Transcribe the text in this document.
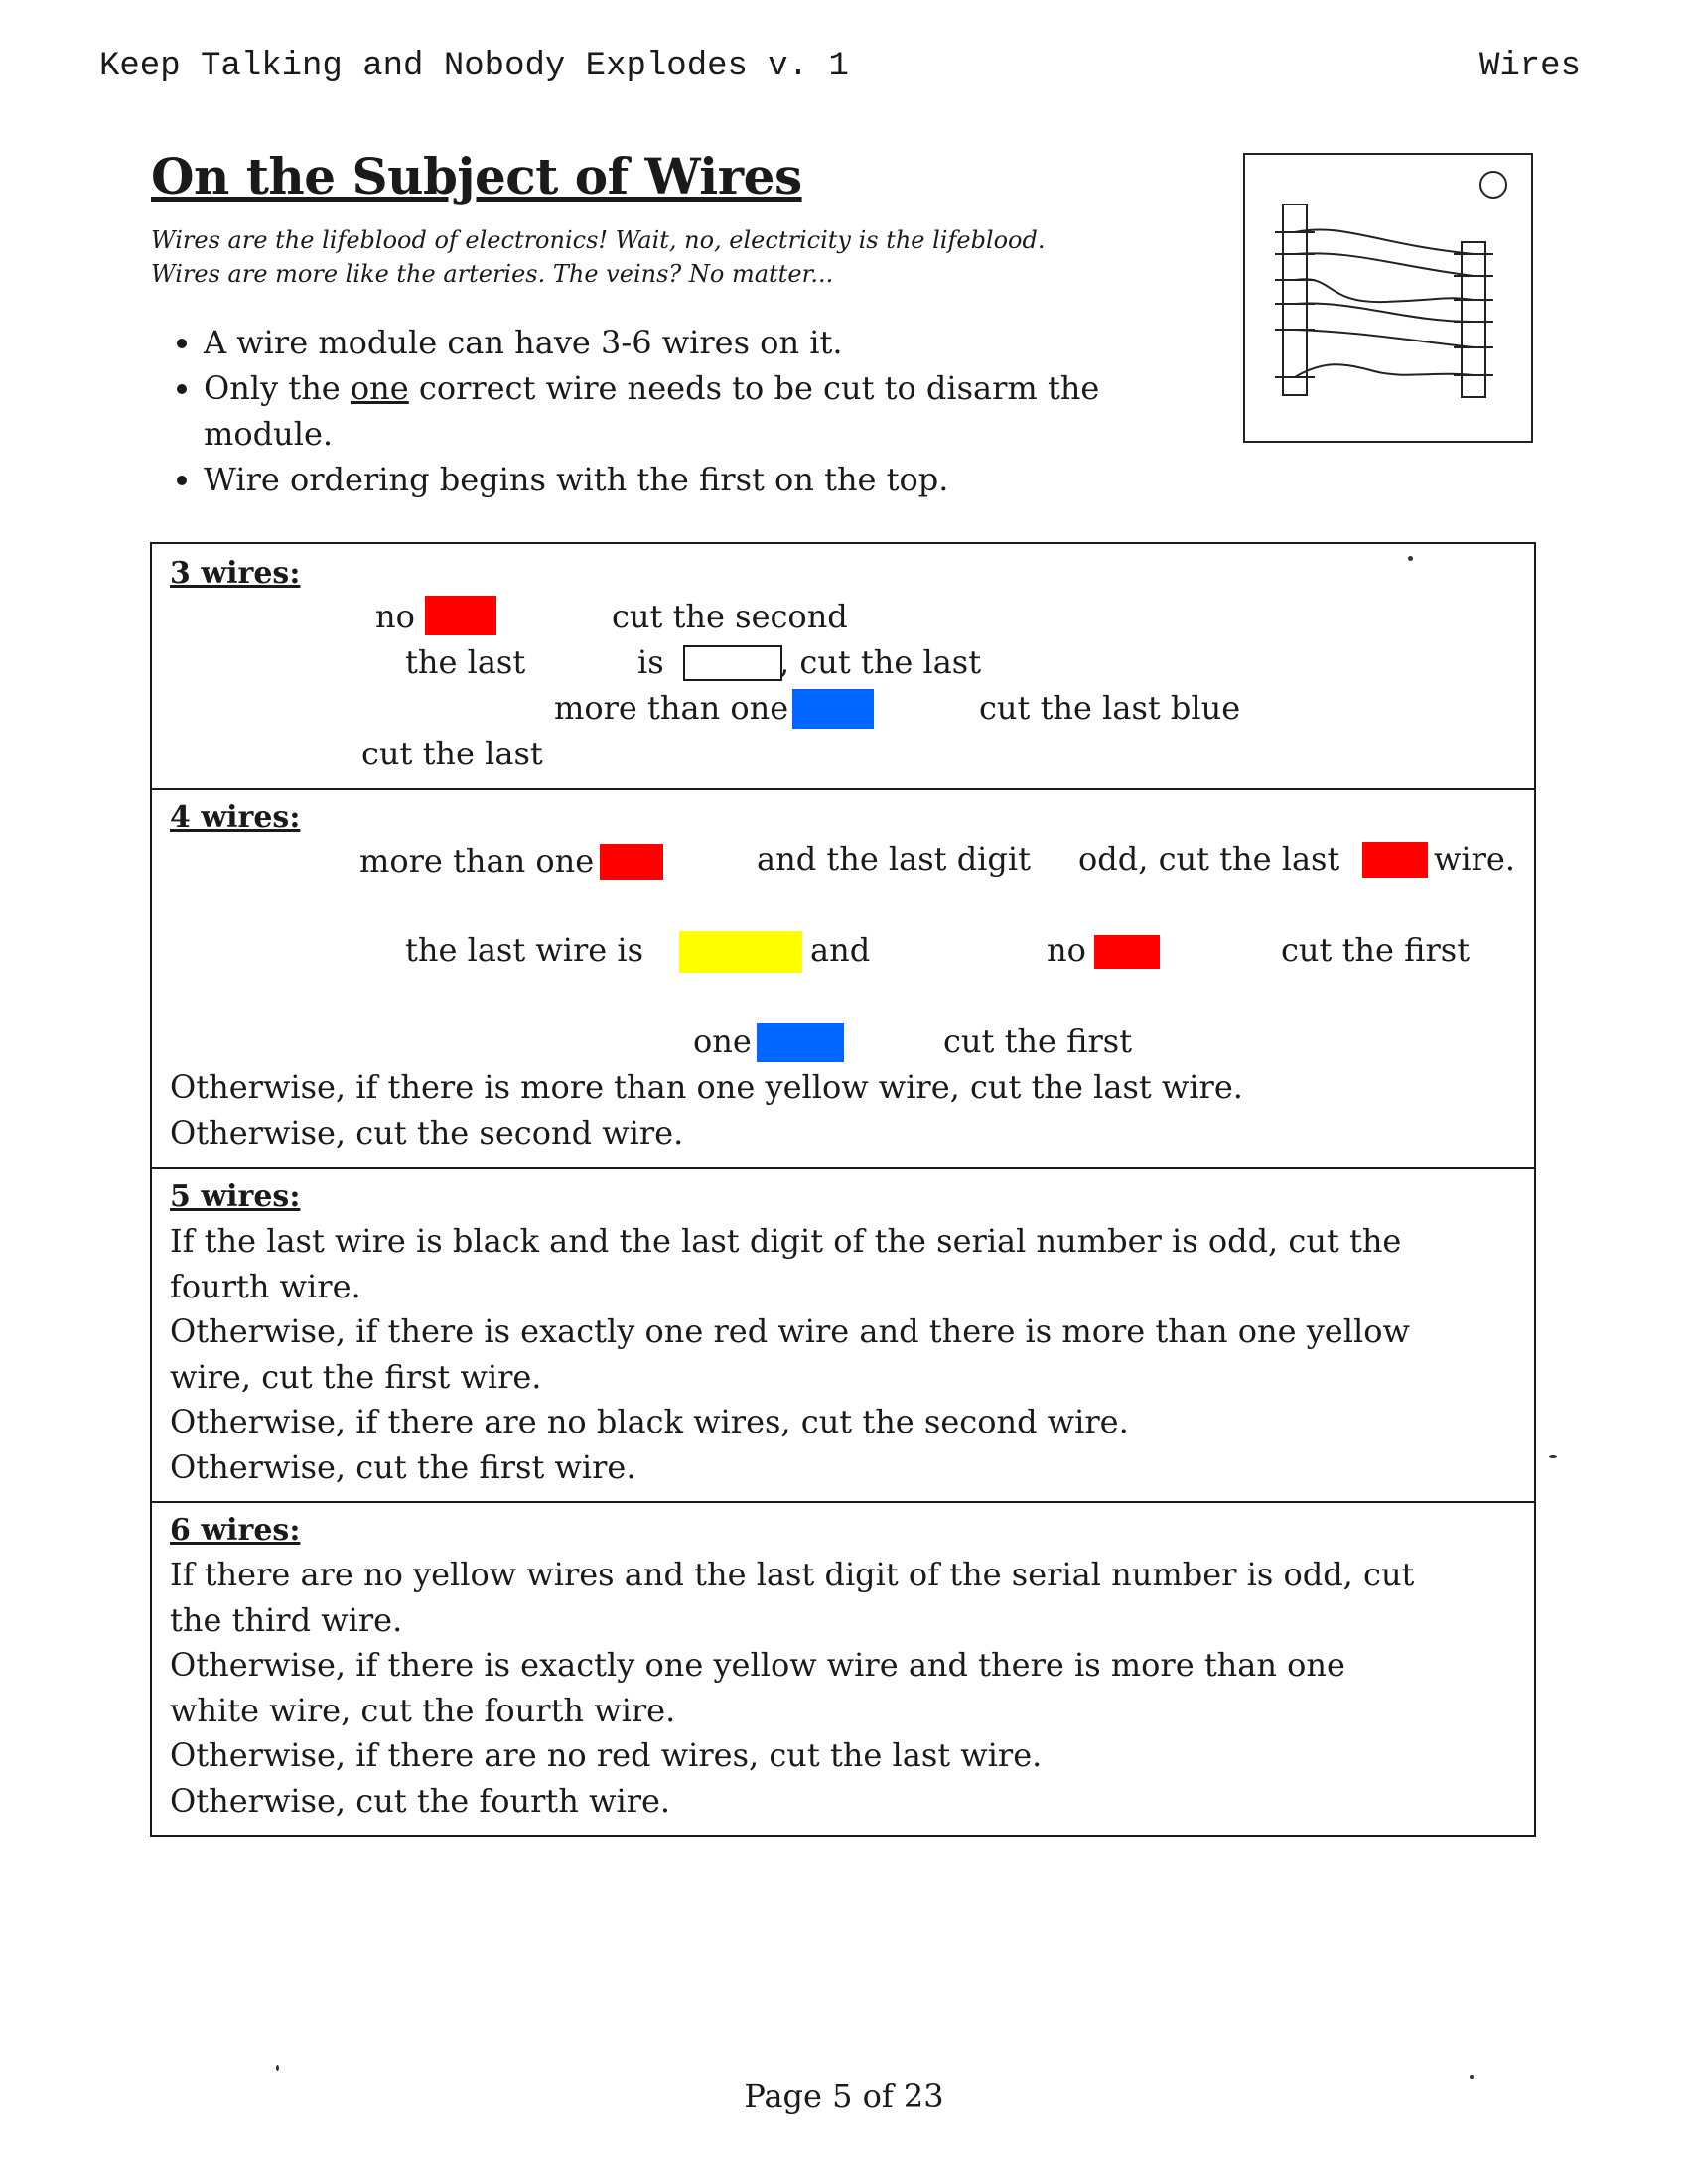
Keep Talking and Nobody Explodes v. 1	Wires
On the Subject of Wires
Wires are the lifeblood of electronics! Wait, no, electricity is the lifeblood.
Wires are more like the arteries. The veins? No matter...
• A wire module can have 3-6 wires on it.
• Only the one correct wire needs to be cut to disarm the module.
• Wire ordering begins with the first on the top.
3 wires:
no	cut the second
the last	is	, cut the last
more than one	cut the last blue
cut the last
4 wires:
more than one	and the last digit odd, cut the last	wire.
the last wire is	and	no	cut the first
one	cut the first
Otherwise, if there is more than one yellow wire, cut the last wire.
Otherwise, cut the second wire.
5 wires:
If the last wire is black and the last digit of the serial number is odd, cut the
fourth wire.
Otherwise, if there is exactly one red wire and there is more than one yellow
wire, cut the first wire.
Otherwise, if there are no black wires, cut the second wire.
Otherwise, cut the first wire.
6 wires:
If there are no yellow wires and the last digit of the serial number is odd, cut
the third wire.
Otherwise, if there is exactly one yellow wire and there is more than one
white wire, cut the fourth wire.
Otherwise, if there are no red wires, cut the last wire.
Otherwise, cut the fourth wire.
Page 5 of 23
